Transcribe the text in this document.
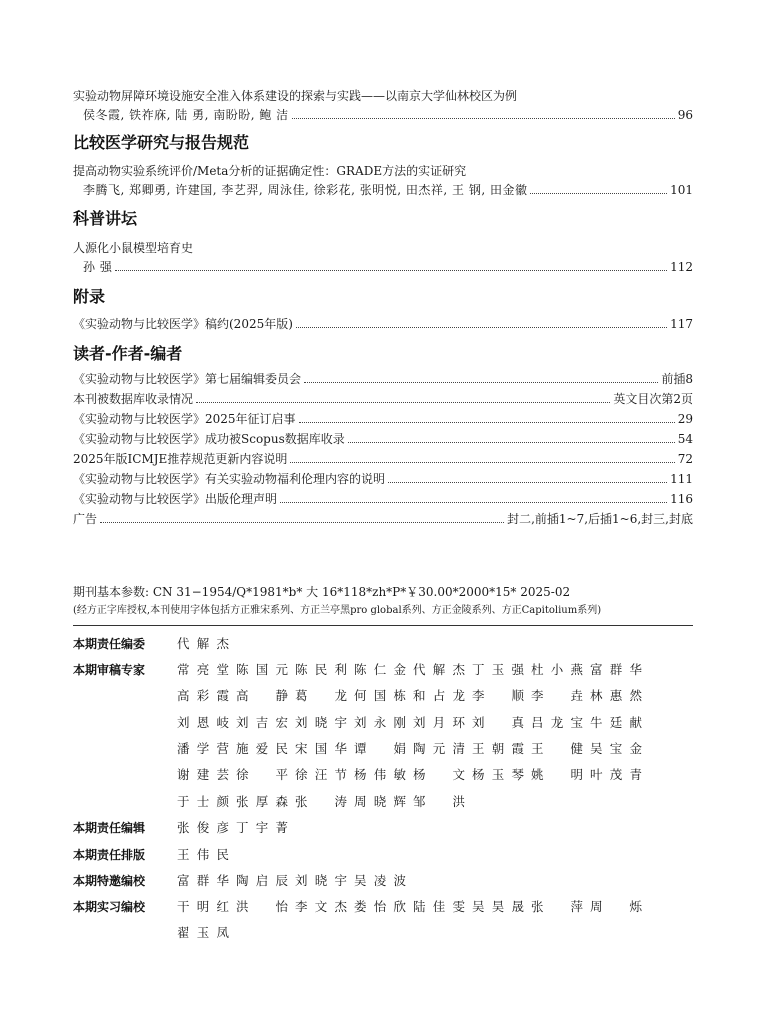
实验动物屏障环境设施安全准入体系建设的探索与实践——以南京大学仙林校区为例
侯冬霞, 铁祚庥, 陆 勇, 南盼盼, 鲍 洁	96
比较医学研究与报告规范
提高动物实验系统评价/Meta分析的证据确定性：GRADE方法的实证研究
李腾飞, 郑卿勇, 许建国, 李艺羿, 周泳佳, 徐彩花, 张明悦, 田杰祥, 王 钢, 田金徽	101
科普讲坛
人源化小鼠模型培育史
孙 强	112
附录
《实验动物与比较医学》稿约(2025年版)	117
读者-作者-编者
《实验动物与比较医学》第七届编辑委员会	前插8
本刊被数据库收录情况	英文目次第2页
《实验动物与比较医学》2025年征订启事	29
《实验动物与比较医学》成功被Scopus数据库收录	54
2025年版ICMJE推荐规范更新内容说明	72
《实验动物与比较医学》有关实验动物福利伦理内容的说明	111
《实验动物与比较医学》出版伦理声明	116
广告	封二,前插1~7,后插1~6,封三,封底
期刊基本参数: CN 31−1954/Q*1981*b* 大 16*118*zh*P*￥30.00*2000*15* 2025-02
(经方正字库授权,本刊使用字体包括方正雅宋系列、方正兰亭黑pro global系列、方正金陵系列、方正Capitolium系列)
本期责任编委	代解杰
本期审稿专家	常亮堂 陈国元 陈民利 陈仁金 代解杰 丁玉强 杜小燕 富群华
高彩霞 高 静 葛 龙 何国栋 和占龙 李 顺 李 垚 林惠然
刘恩岐 刘吉宏 刘晓宇 刘永刚 刘月环 刘 真 吕龙宝 牛廷献
潘学营 施爱民 宋国华 谭 娟 陶元清 王朝霞 王 健 吴宝金
谢建芸 徐 平 徐汪节 杨伟敏 杨 文 杨玉琴 姚 明 叶茂青
于士颜 张厚森 张 涛 周晓辉 邹 洪
本期责任编辑	张俊彦 丁宇菁
本期责任排版	王伟民
本期特邀编校	富群华 陶启辰 刘晓宇 吴凌波
本期实习编校	干明红 洪 怡 李文杰 娄怡欣 陆佳雯 吴昊晟 张 萍 周 烁
翟玉凤
